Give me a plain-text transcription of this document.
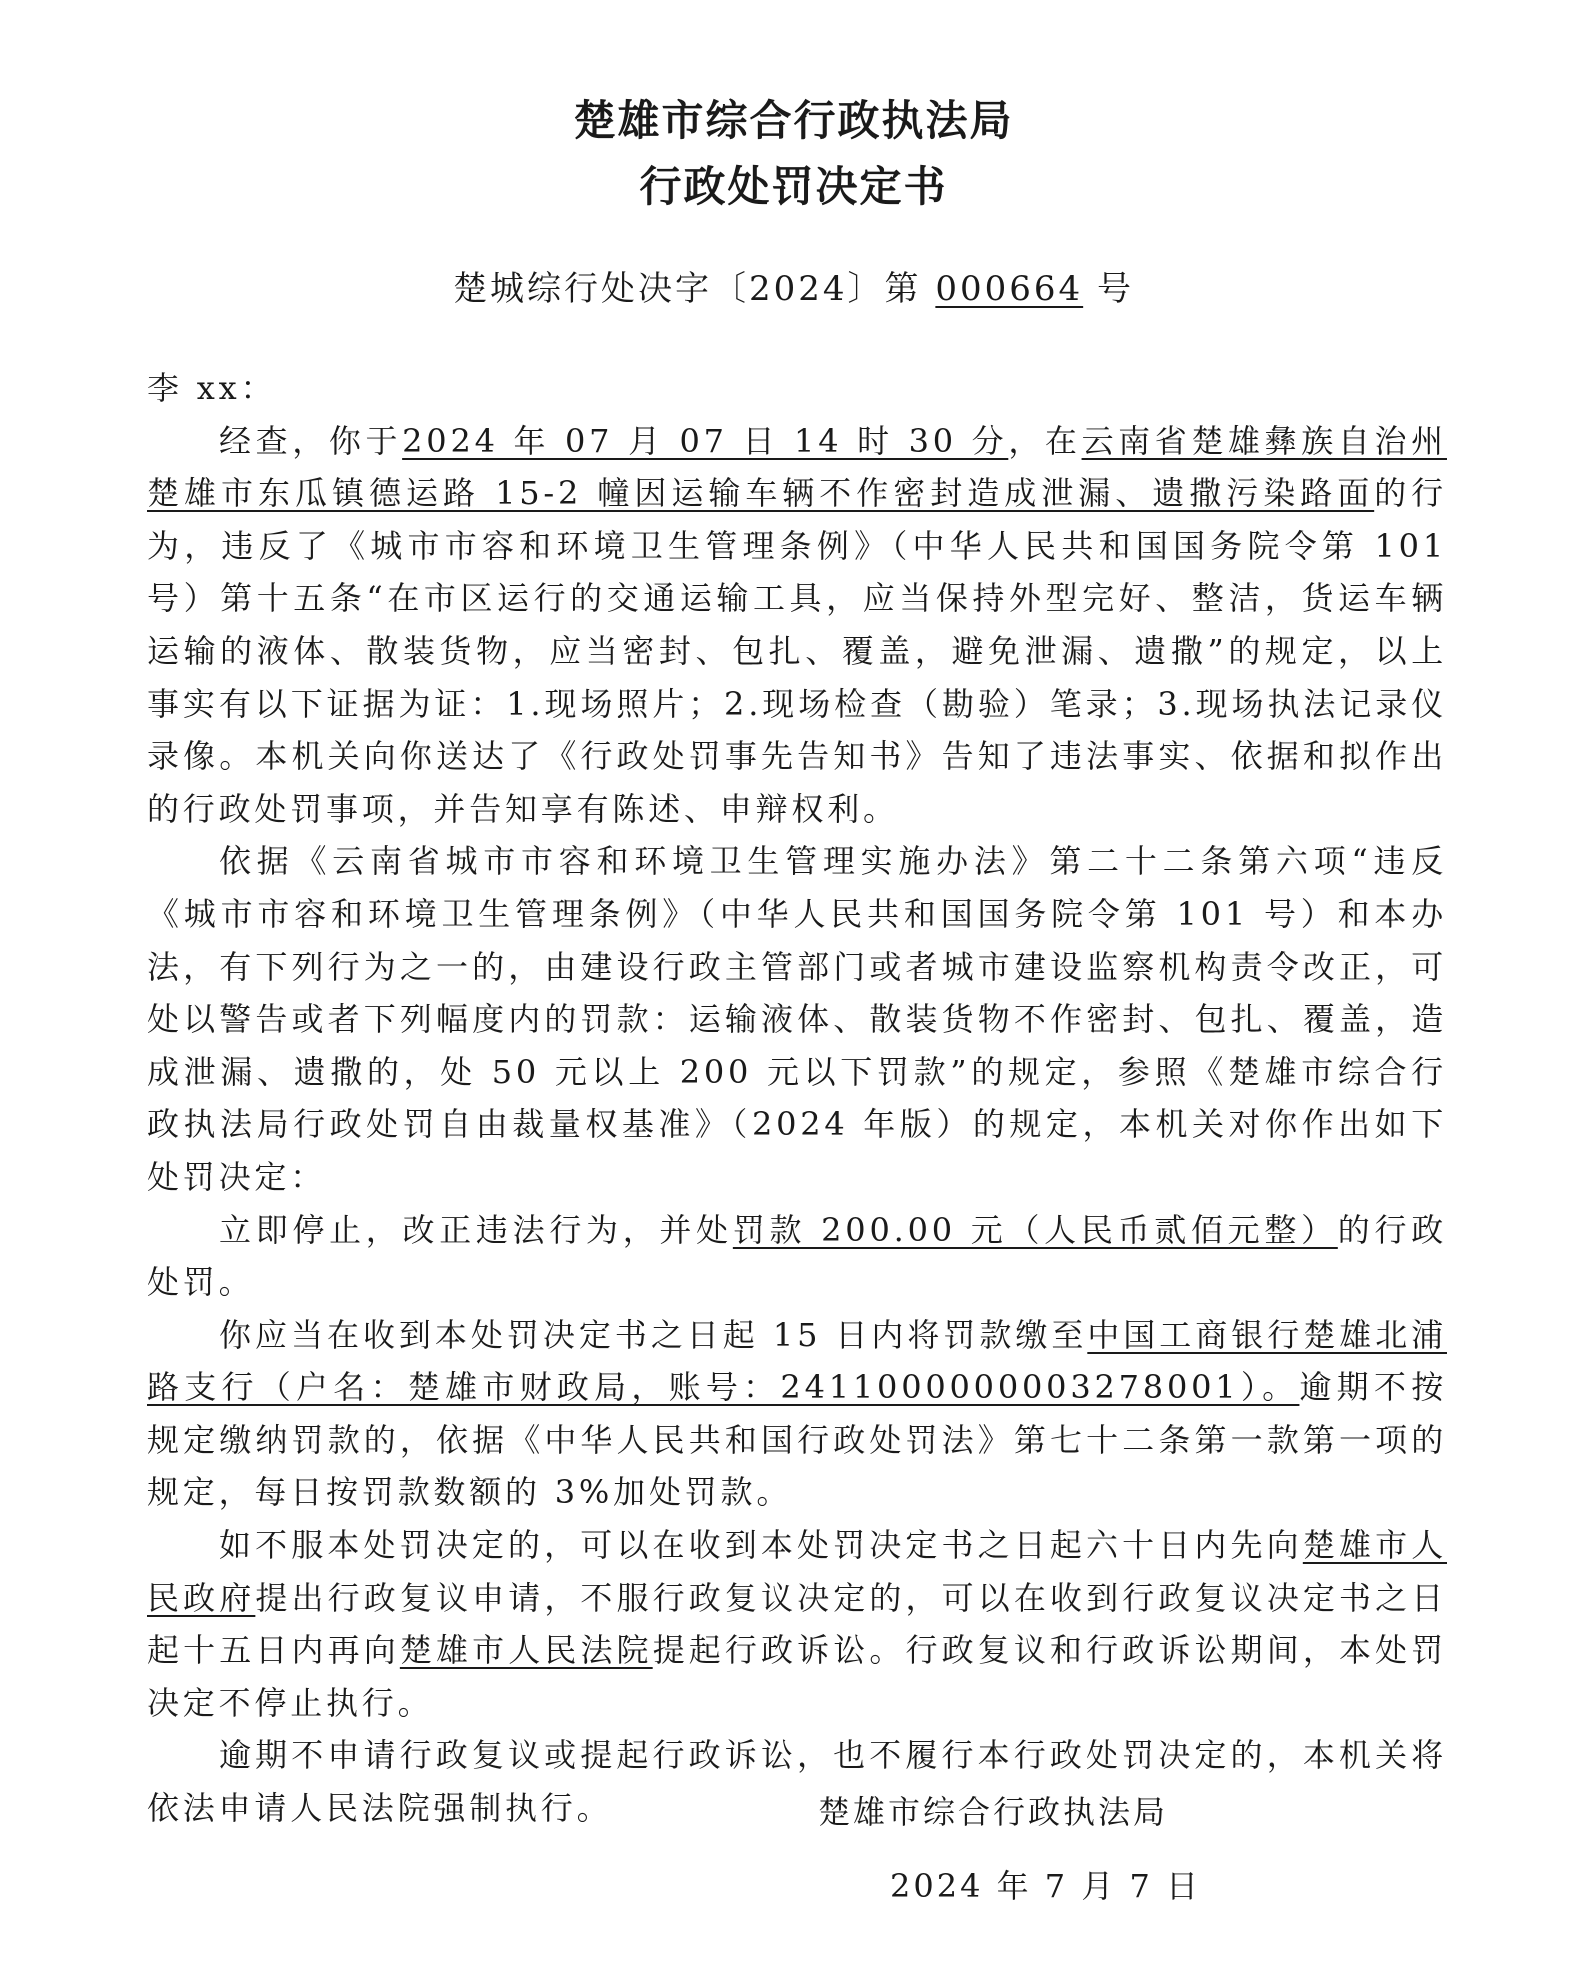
楚雄市综合行政执法局
行政处罚决定书
楚城综行处决字〔2024〕第 000664 号

李 xx：

经查，你于2024 年 07 月 07 日 14 时 30 分，在云南省楚雄彝族自治州楚雄市东瓜镇德运路 15-2 幢因运输车辆不作密封造成泄漏、遗撒污染路面的行为，违反了《城市市容和环境卫生管理条例》（中华人民共和国国务院令第 101 号）第十五条“在市区运行的交通运输工具，应当保持外型完好、整洁，货运车辆运输的液体、散装货物，应当密封、包扎、覆盖，避免泄漏、遗撒”的规定，以上事实有以下证据为证：1.现场照片；2.现场检查（勘验）笔录；3.现场执法记录仪录像。本机关向你送达了《行政处罚事先告知书》告知了违法事实、依据和拟作出的行政处罚事项，并告知享有陈述、申辩权利。

依据《云南省城市市容和环境卫生管理实施办法》第二十二条第六项“违反《城市市容和环境卫生管理条例》（中华人民共和国国务院令第 101 号）和本办法，有下列行为之一的，由建设行政主管部门或者城市建设监察机构责令改正，可处以警告或者下列幅度内的罚款：运输液体、散装货物不作密封、包扎、覆盖，造成泄漏、遗撒的，处 50 元以上 200 元以下罚款”的规定，参照《楚雄市综合行政执法局行政处罚自由裁量权基准》（2024 年版）的规定，本机关对你作出如下处罚决定：

立即停止，改正违法行为，并处罚款 200.00 元（人民币贰佰元整）的行政处罚。

你应当在收到本处罚决定书之日起 15 日内将罚款缴至中国工商银行楚雄北浦路支行（户名：楚雄市财政局，账号：2411000000003278001）。逾期不按规定缴纳罚款的，依据《中华人民共和国行政处罚法》第七十二条第一款第一项的规定，每日按罚款数额的 3%加处罚款。

如不服本处罚决定的，可以在收到本处罚决定书之日起六十日内先向楚雄市人民政府提出行政复议申请，不服行政复议决定的，可以在收到行政复议决定书之日起十五日内再向楚雄市人民法院提起行政诉讼。行政复议和行政诉讼期间，本处罚决定不停止执行。

逾期不申请行政复议或提起行政诉讼，也不履行本行政处罚决定的，本机关将依法申请人民法院强制执行。	楚雄市综合行政执法局
2024 年 7 月 7 日
